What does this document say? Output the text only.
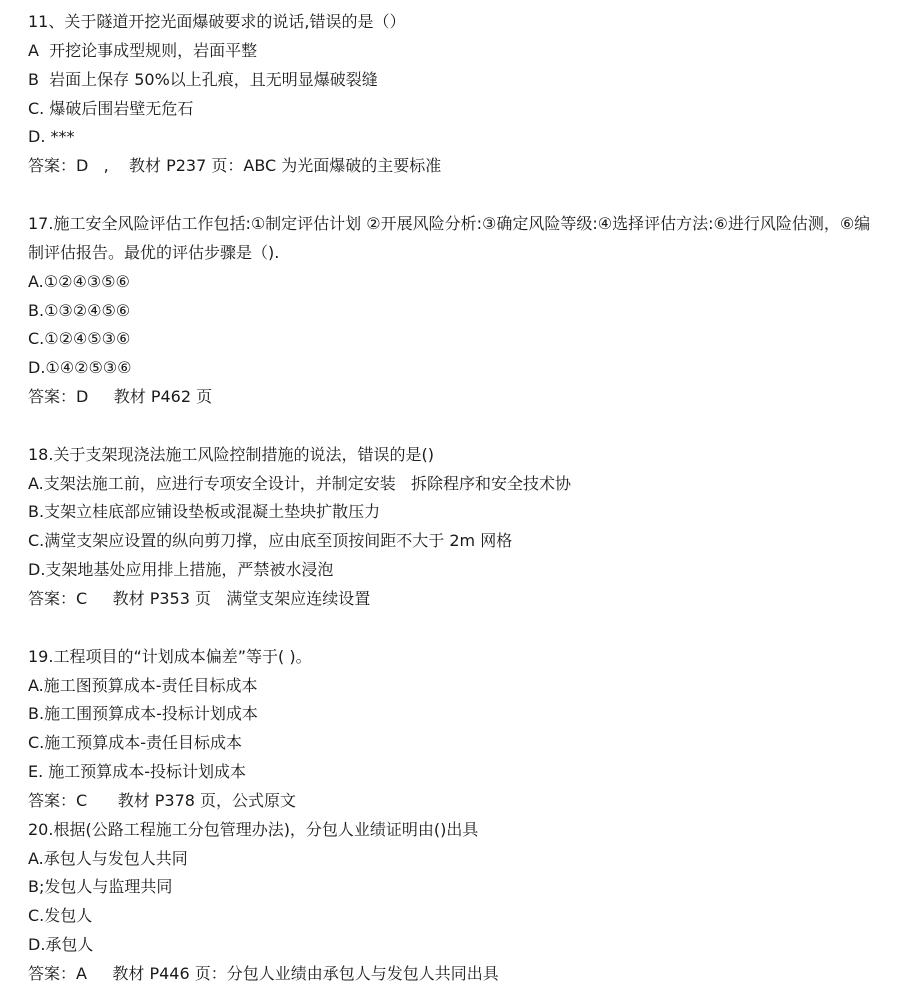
11、关于隧道开挖光面爆破要求的说话,错误的是（）
A  开挖论事成型规则，岩面平整
B  岩面上保存 50%以上孔痕，且无明显爆破裂缝
C. 爆破后围岩壁无危石
D. ***
答案：D   ,    教材 P237 页：ABC 为光面爆破的主要标准
17.施工安全风险评估工作包括:①制定评估计划 ②开展风险分析:③确定风险等级:④选择评估方法:⑥进行风险估测，⑥编制评估报告。最优的评估步骤是（).
A.①②④③⑤⑥
B.①③②④⑤⑥
C.①②④⑤③⑥
D.①④②⑤③⑥
答案：D     教材 P462 页
18.关于支架现浇法施工风险控制措施的说法，错误的是()
A.支架法施工前，应进行专项安全设计，并制定安装   拆除程序和安全技术协
B.支架立桂底部应铺设垫板或混凝土垫块扩散压力
C.满堂支架应设置的纵向剪刀撑，应由底至顶按间距不大于 2m 网格
D.支架地基处应用排上措施，严禁被水浸泡
答案：C     教材 P353 页   满堂支架应连续设置
19.工程项目的“计划成本偏差”等于( )。
A.施工图预算成本-责任目标成本
B.施工围预算成本-投标计划成本
C.施工预算成本-责任目标成本
E. 施工预算成本-投标计划成本
答案：C      教材 P378 页，公式原文
20.根据(公路工程施工分包管理办法)，分包人业绩证明由()出具
A.承包人与发包人共同
B;发包人与监理共同
C.发包人
D.承包人
答案：A     教材 P446 页：分包人业绩由承包人与发包人共同出具
